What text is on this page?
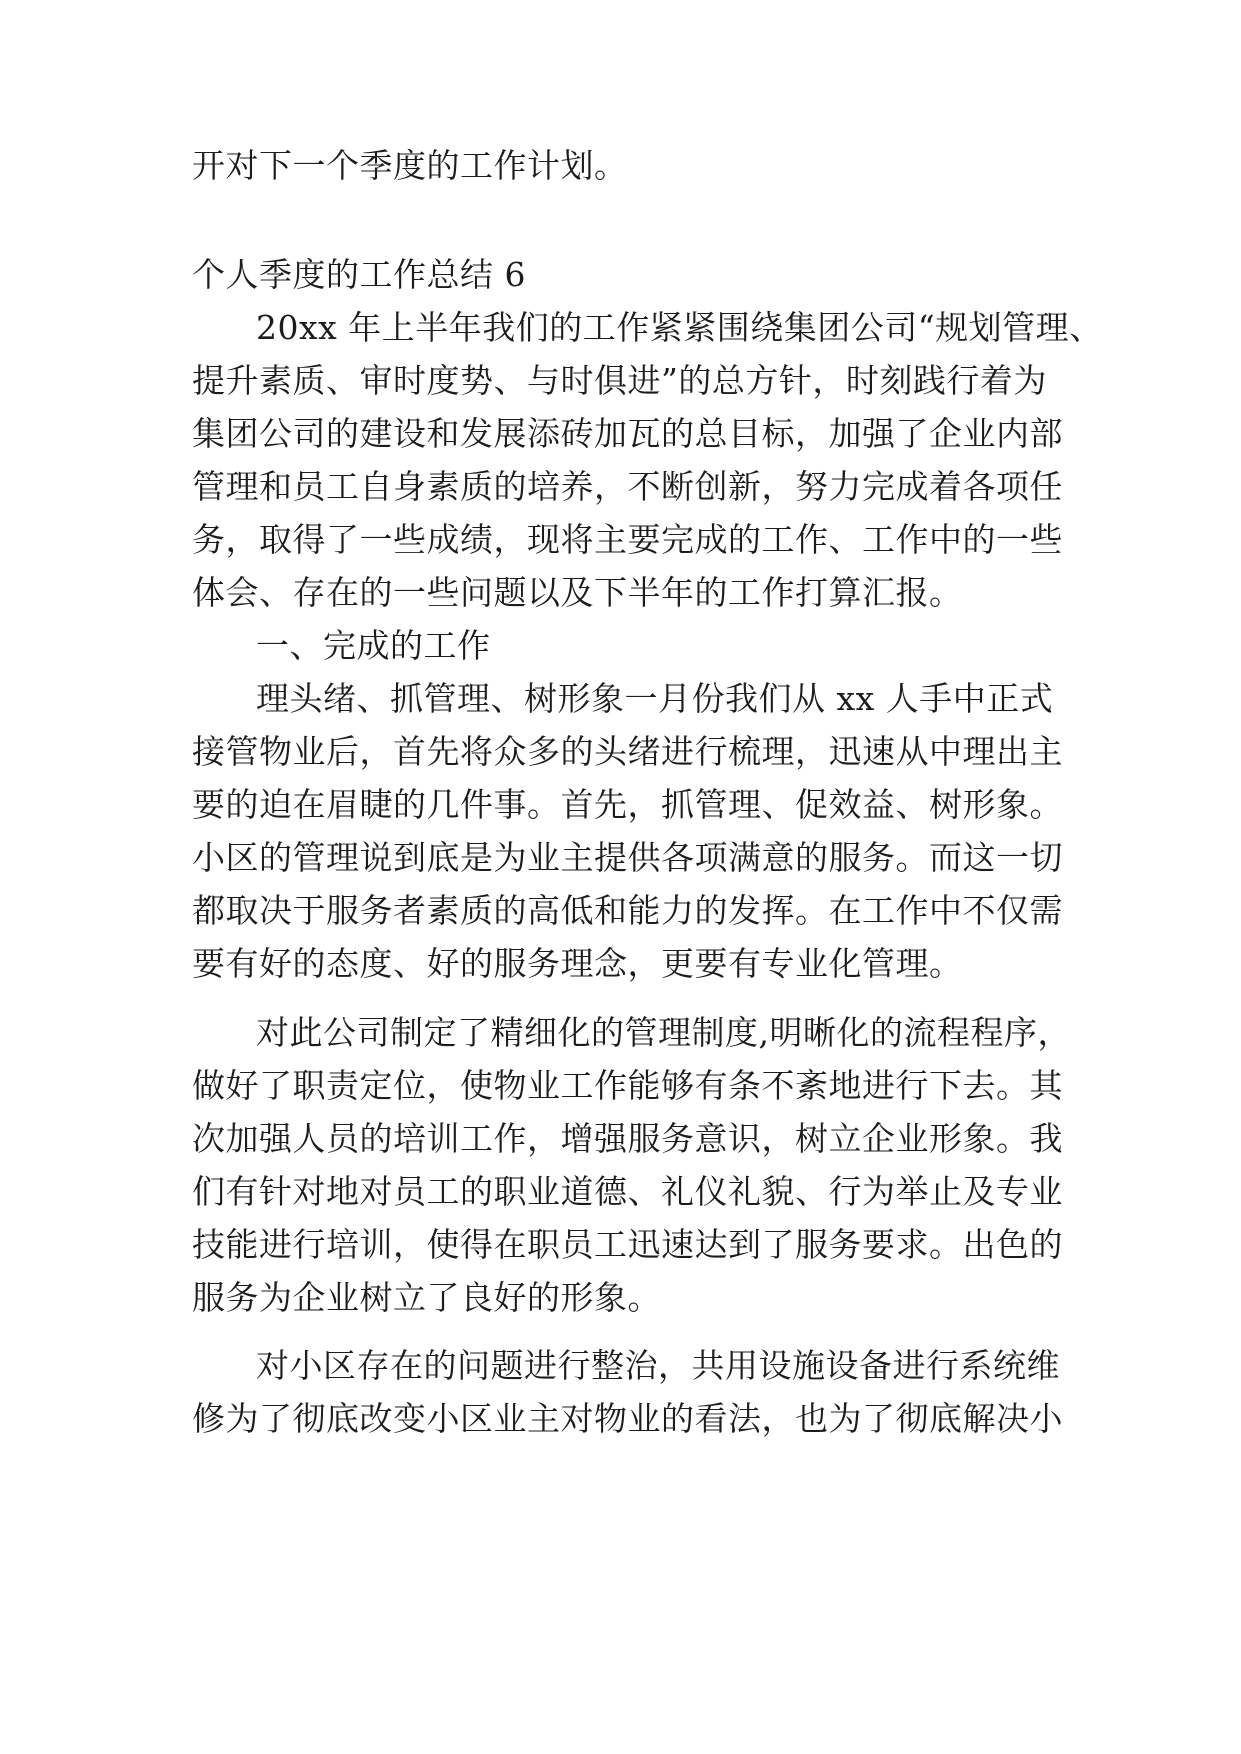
开对下一个季度的工作计划。
个人季度的工作总结 6
20xx 年上半年我们的工作紧紧围绕集团公司“规划管理、
提升素质、审时度势、与时俱进”的总方针，时刻践行着为
集团公司的建设和发展添砖加瓦的总目标，加强了企业内部
管理和员工自身素质的培养，不断创新，努力完成着各项任
务，取得了一些成绩，现将主要完成的工作、工作中的一些
体会、存在的一些问题以及下半年的工作打算汇报。
一、完成的工作
理头绪、抓管理、树形象一月份我们从 xx 人手中正式
接管物业后，首先将众多的头绪进行梳理，迅速从中理出主
要的迫在眉睫的几件事。首先，抓管理、促效益、树形象。
小区的管理说到底是为业主提供各项满意的服务。而这一切
都取决于服务者素质的高低和能力的发挥。在工作中不仅需
要有好的态度、好的服务理念，更要有专业化管理。
对此公司制定了精细化的管理制度,明晰化的流程程序，
做好了职责定位，使物业工作能够有条不紊地进行下去。其
次加强人员的培训工作，增强服务意识，树立企业形象。我
们有针对地对员工的职业道德、礼仪礼貌、行为举止及专业
技能进行培训，使得在职员工迅速达到了服务要求。出色的
服务为企业树立了良好的形象。
对小区存在的问题进行整治，共用设施设备进行系统维
修为了彻底改变小区业主对物业的看法，也为了彻底解决小
